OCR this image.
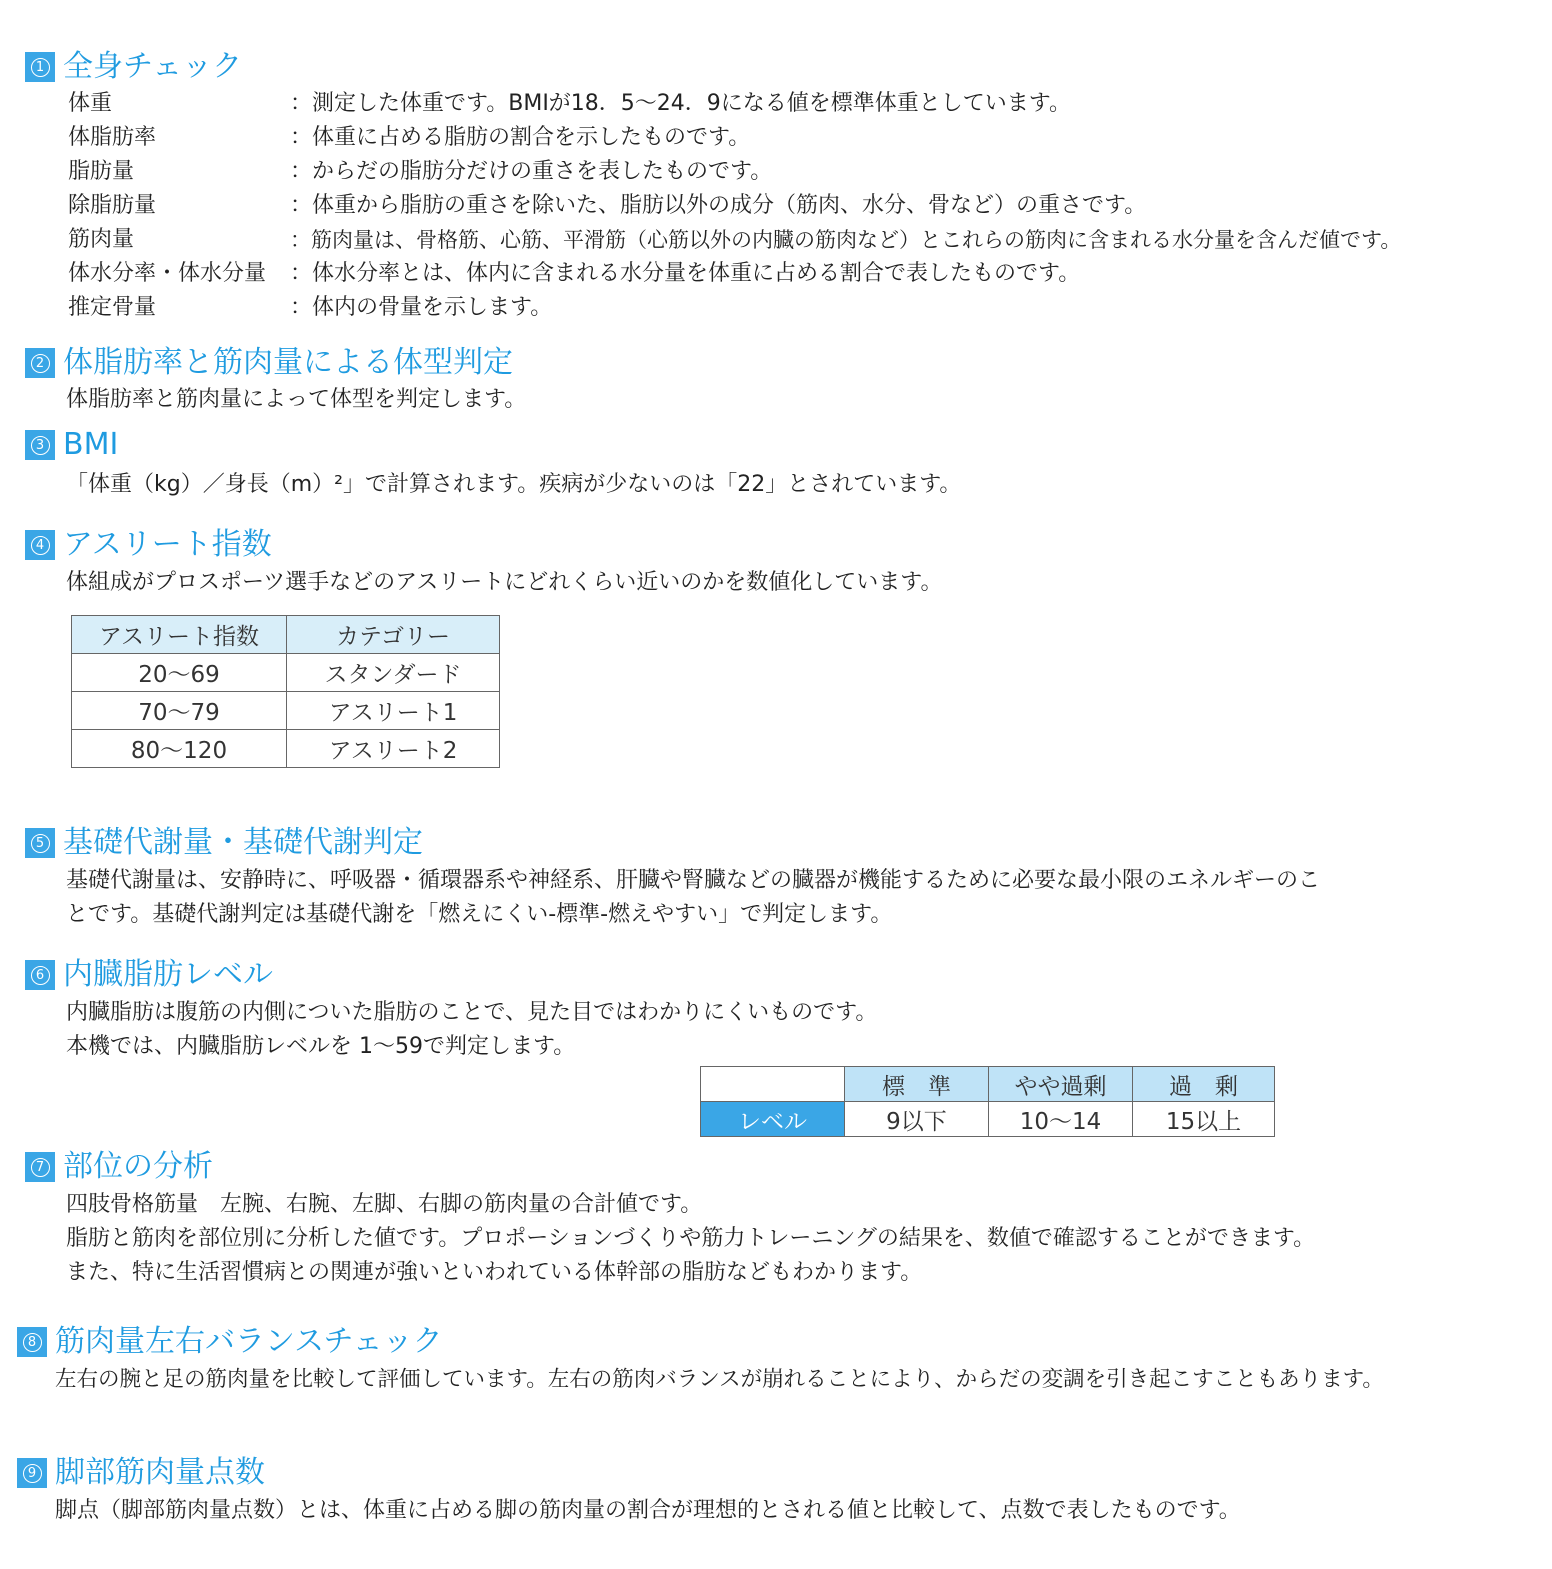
1 全身チェック
体重	：測定した体重です。BMIが18．5〜24．9になる値を標準体重としています。
体脂肪率	：体重に占める脂肪の割合を示したものです。
脂肪量	：からだの脂肪分だけの重さを表したものです。
除脂肪量	：体重から脂肪の重さを除いた、脂肪以外の成分（筋肉、水分、骨など）の重さです。
筋肉量	：筋肉量は、骨格筋、心筋、平滑筋（心筋以外の内臓の筋肉など）とこれらの筋肉に含まれる水分量を含んだ値です。
体水分率・体水分量 ：体水分率とは、体内に含まれる水分量を体重に占める割合で表したものです。
推定骨量	：体内の骨量を示します。
2 体脂肪率と筋肉量による体型判定
体脂肪率と筋肉量によって体型を判定します。
3 BMI
「体重（kg）／身長（m）²」で計算されます。疾病が少ないのは「22」とされています。
4 アスリート指数
体組成がプロスポーツ選手などのアスリートにどれくらい近いのかを数値化しています。
アスリート指数	カテゴリー
20〜69	スタンダード
70〜79	アスリート1
80〜120	アスリート2
5 基礎代謝量・基礎代謝判定
基礎代謝量は、安静時に、呼吸器・循環器系や神経系、肝臓や腎臓などの臓器が機能するために必要な最小限のエネルギーのこ
とです。基礎代謝判定は基礎代謝を「燃えにくい-標準-燃えやすい」で判定します。
6 内臓脂肪レベル
内臓脂肪は腹筋の内側についた脂肪のことで、見た目ではわかりにくいものです。
本機では、内臓脂肪レベルを 1〜59で判定します。
	標　準	やや過剰	過　剰
レベル	9以下	10〜14	15以上
7 部位の分析
四肢骨格筋量　左腕、右腕、左脚、右脚の筋肉量の合計値です。
脂肪と筋肉を部位別に分析した値です。プロポーションづくりや筋力トレーニングの結果を、数値で確認することができます。
また、特に生活習慣病との関連が強いといわれている体幹部の脂肪などもわかります。
8 筋肉量左右バランスチェック
左右の腕と足の筋肉量を比較して評価しています。左右の筋肉バランスが崩れることにより、からだの変調を引き起こすこともあります。
9 脚部筋肉量点数
脚点（脚部筋肉量点数）とは、体重に占める脚の筋肉量の割合が理想的とされる値と比較して、点数で表したものです。
